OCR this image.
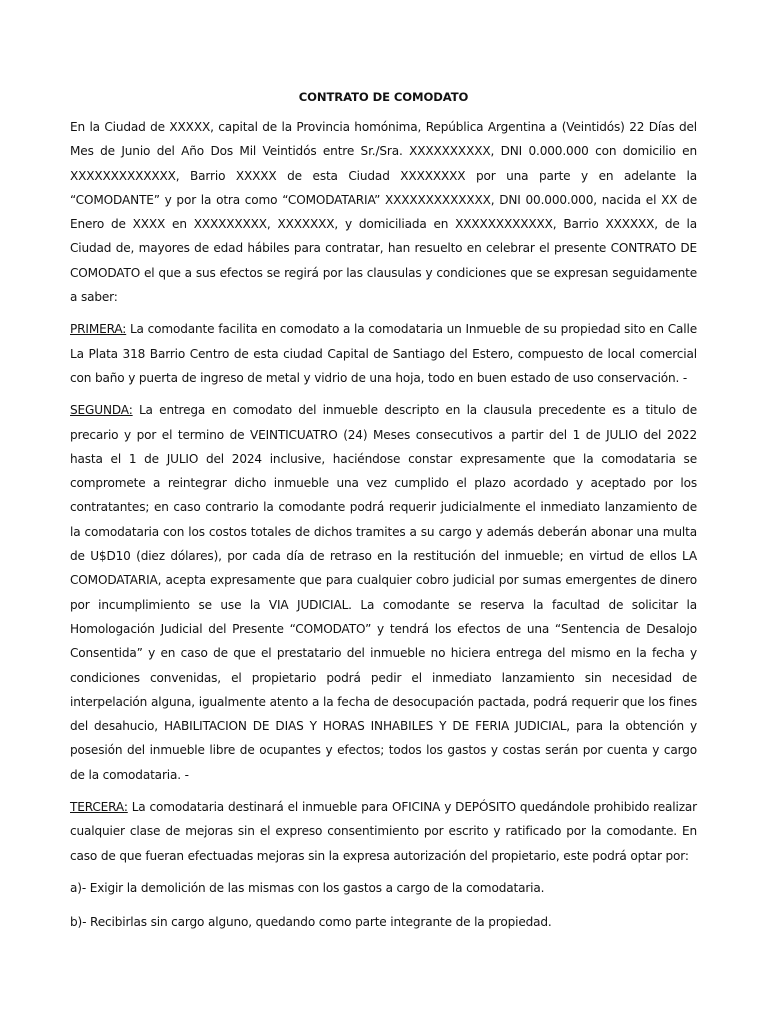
CONTRATO DE COMODATO

En la Ciudad de XXXXX, capital de la Provincia homónima, República Argentina a (Veintidós) 22 Días del Mes de Junio del Año Dos Mil Veintidós entre Sr./Sra. XXXXXXXXXX, DNI 0.000.000 con domicilio en XXXXXXXXXXXXX, Barrio XXXXX de esta Ciudad XXXXXXXX por una parte y en adelante la “COMODANTE” y por la otra como “COMODATARIA” XXXXXXXXXXXXX, DNI 00.000.000, nacida el XX de Enero de XXXX en XXXXXXXXX, XXXXXXX, y domiciliada en XXXXXXXXXXXX, Barrio XXXXXX, de la Ciudad de, mayores de edad hábiles para contratar, han resuelto en celebrar el presente CONTRATO DE COMODATO el que a sus efectos se regirá por las clausulas y condiciones que se expresan seguidamente a saber:

PRIMERA: La comodante facilita en comodato a la comodataria un Inmueble de su propiedad sito en Calle La Plata 318 Barrio Centro de esta ciudad Capital de Santiago del Estero, compuesto de local comercial con baño y puerta de ingreso de metal y vidrio de una hoja, todo en buen estado de uso conservación. -

SEGUNDA: La entrega en comodato del inmueble descripto en la clausula precedente es a titulo de precario y por el termino de VEINTICUATRO (24) Meses consecutivos a partir del 1 de JULIO del 2022 hasta el 1 de JULIO del 2024 inclusive, haciéndose constar expresamente que la comodataria se compromete a reintegrar dicho inmueble una vez cumplido el plazo acordado y aceptado por los contratantes; en caso contrario la comodante podrá requerir judicialmente el inmediato lanzamiento de la comodataria con los costos totales de dichos tramites a su cargo y además deberán abonar una multa de U$D10 (diez dólares), por cada día de retraso en la restitución del inmueble; en virtud de ellos LA COMODATARIA, acepta expresamente que para cualquier cobro judicial por sumas emergentes de dinero por incumplimiento se use la VIA JUDICIAL. La comodante se reserva la facultad de solicitar la Homologación Judicial del Presente “COMODATO” y tendrá los efectos de una “Sentencia de Desalojo Consentida” y en caso de que el prestatario del inmueble no hiciera entrega del mismo en la fecha y condiciones convenidas, el propietario podrá pedir el inmediato lanzamiento sin necesidad de interpelación alguna, igualmente atento a la fecha de desocupación pactada, podrá requerir que los fines del desahucio, HABILITACION DE DIAS Y HORAS INHABILES Y DE FERIA JUDICIAL, para la obtención y posesión del inmueble libre de ocupantes y efectos; todos los gastos y costas serán por cuenta y cargo de la comodataria. -

TERCERA: La comodataria destinará el inmueble para OFICINA y DEPÓSITO quedándole prohibido realizar cualquier clase de mejoras sin el expreso consentimiento por escrito y ratificado por la comodante. En caso de que fueran efectuadas mejoras sin la expresa autorización del propietario, este podrá optar por:

a)- Exigir la demolición de las mismas con los gastos a cargo de la comodataria.

b)- Recibirlas sin cargo alguno, quedando como parte integrante de la propiedad.
